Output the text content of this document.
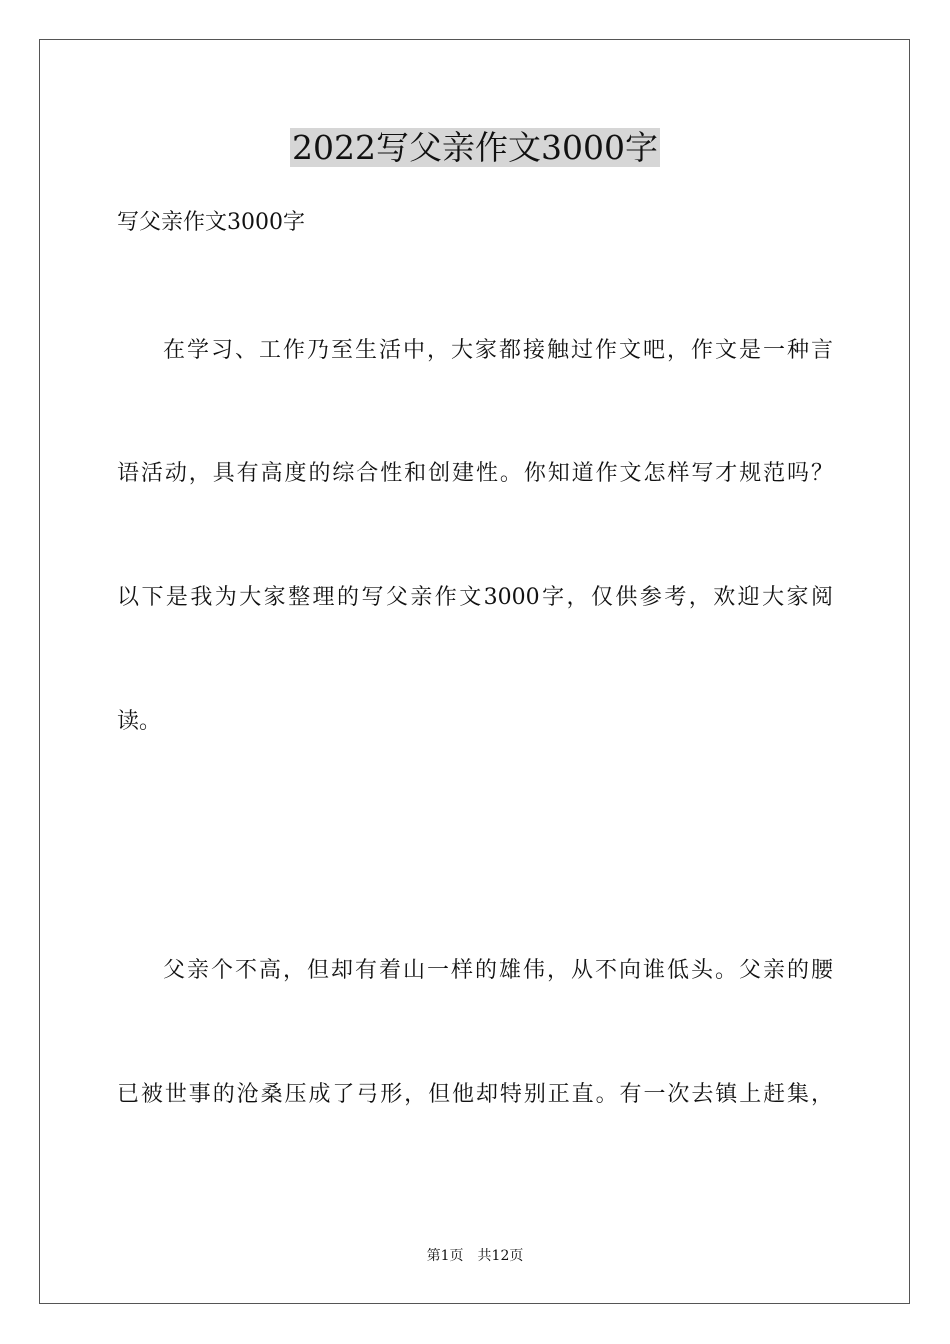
2022写父亲作文3000字

写父亲作文3000字

在学习、工作乃至生活中，大家都接触过作文吧，作文是一种言

语活动，具有高度的综合性和创建性。你知道作文怎样写才规范吗？

以下是我为大家整理的写父亲作文3000字，仅供参考，欢迎大家阅

读。

父亲个不高，但却有着山一样的雄伟，从不向谁低头。父亲的腰

已被世事的沧桑压成了弓形，但他却特别正直。有一次去镇上赶集，

第1页 共12页
